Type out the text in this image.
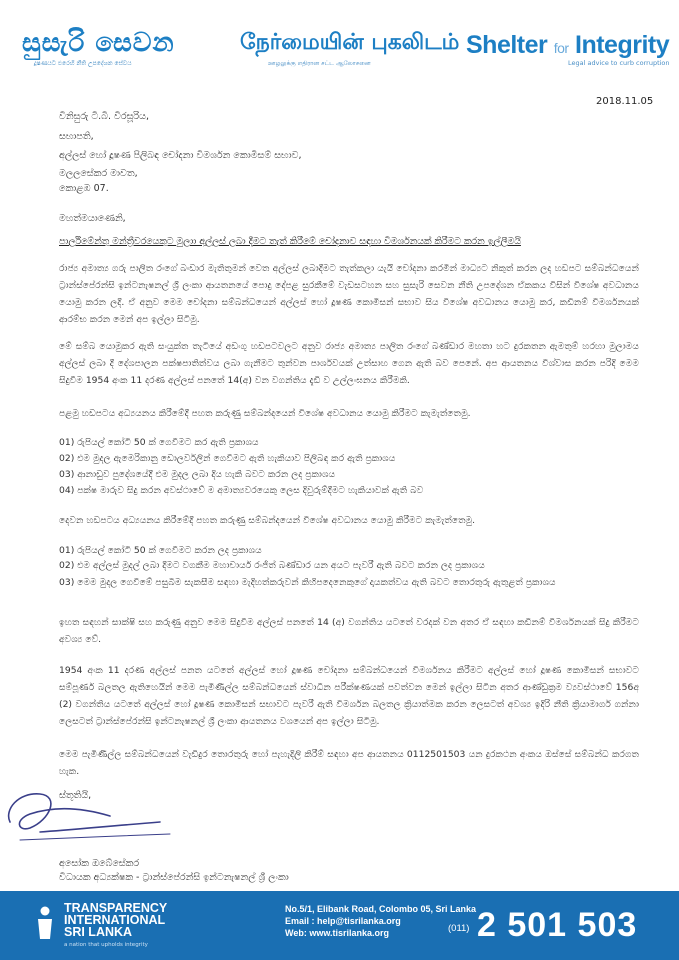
සුසැරි සෙවන
දූෂණයට එරෙහි නීති උපදේශන සේවය
நேர்மையின் புகலிடம்
ஊழலுக்கு எதிரான சட்ட ஆலோசனை
Shelter for Integrity
Legal advice to curb corruption
2018.11.05
විනිසුරු ටී.බී. වීරසූරිය,
සභාපති,
අල්ලස් හෝ දූෂණ පිලිබඳ චෝදනා විමර්ශන කොමිසම් සභාව,
මලලසේකර මාවත,
කොළඹ 07.
මහත්මයාණෙනි,
පාර්ලිමේන්තු මන්ත්‍රීවරයෙකුට මුලාා අල්ලස් ලබා දීමට තැත් කිරීමේ චෝදනාව සඳහා විමර්ශනයක් කිරීමට කරන ඉල්ලීමයි
රාජ්‍ය අමාත්‍ය ගරු පාලිත රංගේ බංඩාර මැතිතුමන් වෙත අල්ලස් ලබාදීමට තැත්කලා යැයි චෝදනා කරමින් මාධ්‍යට නිකුත් කරන ලද හඩපට සම්බන්ධයෙන් ට්‍රාන්ස්පේරන්සි ඉන්ටනැෂනල් ශ්‍රී ලංකා ආයතනයේ පොදු දේපළ සුරකීමේ වැඩසටහන සහ සුසැරි සෙවන නීති උපදේශන ඒකකය විසින් විශේෂ අවධානය යොමු කරන ලදී. ඒ අනුව මෙම චෝදනා සම්බන්ධයෙන් අල්ලස් හෝ දූෂණ කොමිසන් සභාව සිය විශේෂ අවධානය යොමු කර, කඩිනම් විමර්ශනයක් ආරම්භ කරන මෙන් අප ඉල්ලා සිටිමු.
මේ සම්බ යොමුකර ඇති සංයුක්ත තැටියේ අඩංගු හඩපටවලට අනුව රාජ්‍ය අමාත්‍ය පාලිත රංගේ බණ්ඩාර මහතා හට දුරකතන ඇමතුම් හරහා මුලාමය අල්ලස් ලබා දී දේශපාලන පක්ෂපාතිත්වය ලබා ගැනීමට තුන්වන පාර්ශවයක් උත්සාහ ගෙන ඇති බව පෙනේ. අප ආයතනය විශ්වාස කරන පරිදි මෙම සිදුවීම 1954 අංක 11 දරණ අල්ලස් පනතේ 14(අ) වන වගන්තිය දැඩි ව උල්ලංඝනය කිරීමකි.
පළමු හඩපටය අධ්‍යයනය කිරීමේදී පහත කරුණු සම්බන්දයෙන් විශේෂ අවධානය යොමු කිරීමට කැමැත්තෙමු.
01) රුපියල් කෝටි 50 ක් ගෙවීමට කර ඇති ප්‍රකාශය
02) එම මුදල ඇමෙරිකානු ඩොලර්වලින් ගෙවීමට ඇති හැකියාව පිලිබඳ කර ඇති ප්‍රකාශය
03) ආනාඩුව පුදේශයේදී එම මුදල ලබා දිය හැකි බවට කරන ලද ප්‍රකාශය
04) පක්ෂ මාරුව සිදු කරන අවස්ථාවේ ම අමාත්‍යවරයෙකු ලෙස දිවුරුම්දීමට හැකියාවක් ඇති බව
දෙවන හඩපටය අධ්‍යයනය කිරීමේදී පහත කරුණු සම්බන්දයෙන් විශේෂ අවධානය යොමු කිරීමට කැමැත්තෙමු.
01) රුපියල් කෝටි 50 ක් ගෙවීමට කරන ලද ප්‍රකාශය
02) එම අල්ලස් මුදල් ලබා දීමට වගකීම මහාචාර්ය රංජිත් බණ්ඩාර යන අයට පැවරී ඇති බවට කරන ලද ප්‍රකාශය
03) මෙම මුදල ගෙවීමේ පසුබිම සැකසීම සඳහා මැදිහත්කරුවන් කිහිපදෙනෙකුගේ දායකත්වය ඇති බවට තොරතුරු ඇතුළත් ප්‍රකාශය
ඉහත සඳහන් සාක්ෂි සහ කරුණු අනුව මෙම සිදුවීම අල්ලස් පනතේ 14 (අ) වගන්තිය යටතේ වරදක් වන අතර ඒ සඳහා කඩිනම් විමර්ශනයක් සිදු කිරීමට අවශ්‍ය වේ.
1954 අංක 11 දරණ අල්ලස් පනත යටතේ අල්ලස් හෝ දූෂණ චෝදනා සම්බන්ධයෙන් විමර්ශනය කිරීමට අල්ලස් හෝ දූෂණ කොමිසන් සභාවට සම්පූර්ණ බලතල ඇතිහෙයින් මෙම පැමිණිල්ල සම්බන්ධයෙන් ස්වාධීන පරීක්ෂණයක් පවත්වන මෙන් ඉල්ලා සිටින අතර ආණ්ඩුක්‍රම ව්‍යවස්ථාවේ 156අ (2) වගන්තිය යටතේ අල්ලස් හෝ දූෂණ කොමිසන් සභාවට පැවරී ඇති විමර්ශන බලතල ක්‍රියාත්මක කරන ලෙසටත් අවශ්‍ය ඉදිරි නීති ක්‍රියාමාර්ග ගන්නා ලෙසටත් ට්‍රාන්ස්පේරන්සි ඉන්ටනැෂනල් ශ්‍රී ලංකා ආයතනය වශයෙන් අප ඉල්ලා සිටිමු.
මෙම පැමිණිල්ල සම්බන්ධයෙන් වැඩිදුර තොරතුරු හෝ පැහැදිලි කිරීම් සඳහා අප ආයතනය 0112501503 යන දුරකථන අංකය ඔස්සේ සම්බන්ධ කරගත හැක.
ස්තූතියි,
අසෝක ඔබේසේකර
විධායක අධ්‍යක්ෂක - ට්‍රාන්ස්පේරන්සි ඉන්ටනැෂනල් ශ්‍රී ලංකා
TRANSPARENCY
INTERNATIONAL
SRI LANKA
a nation that upholds integrity
No.5/1, Elibank Road, Colombo 05, Sri Lanka
Email : help@tisrilanka.org
Web: www.tisrilanka.org	(011) 2 501 503
